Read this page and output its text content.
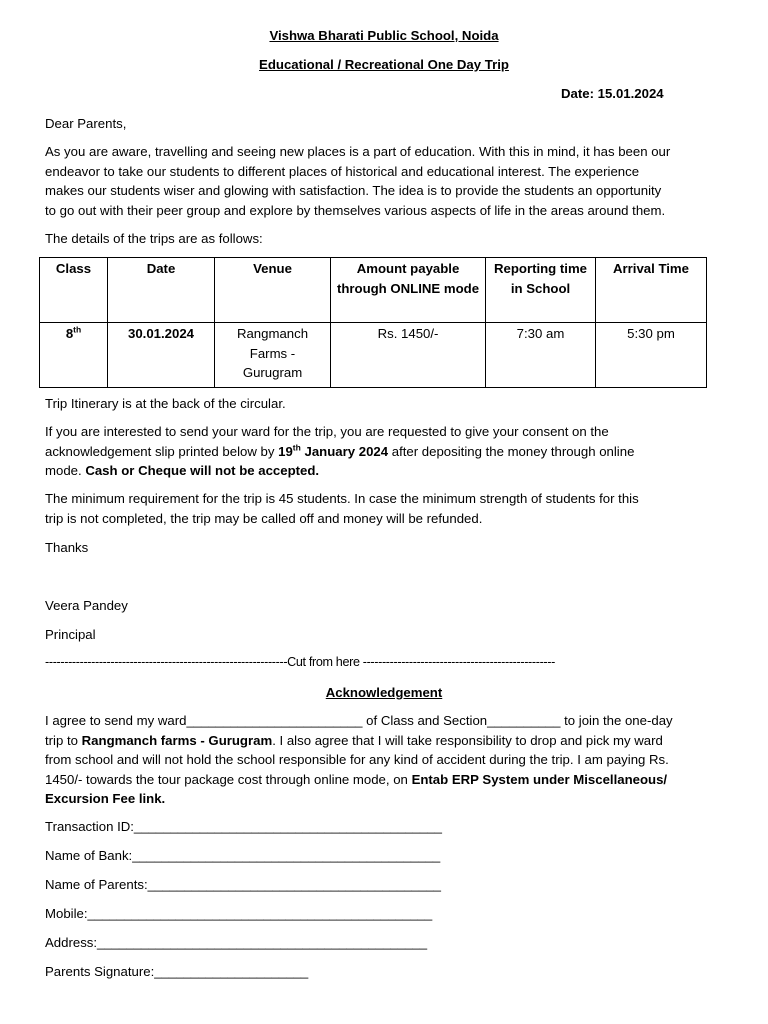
Vishwa Bharati Public School, Noida
Educational / Recreational One Day Trip
Date: 15.01.2024
Dear Parents,
As you are aware, travelling and seeing new places is a part of education. With this in mind, it has been our
endeavor to take our students to different places of historical and educational interest. The experience
makes our students wiser and glowing with satisfaction. The idea is to provide the students an opportunity
to go out with their peer group and explore by themselves various aspects of life in the areas around them.
The details of the trips are as follows:
Class	Date	Venue	Amount payable through ONLINE mode	Reporting time in School	Arrival Time
8th	30.01.2024	Rangmanch Farms - Gurugram	Rs. 1450/-	7:30 am	5:30 pm
Trip Itinerary is at the back of the circular.
If you are interested to send your ward for the trip, you are requested to give your consent on the
acknowledgement slip printed below by 19th January 2024 after depositing the money through online
mode. Cash or Cheque will not be accepted.
The minimum requirement for the trip is 45 students. In case the minimum strength of students for this
trip is not completed, the trip may be called off and money will be refunded.
Thanks
Veera Pandey
Principal
---------------------------------------------------------------Cut from here --------------------------------------------------
Acknowledgement
I agree to send my ward________________________ of Class and Section__________ to join the one-day
trip to Rangmanch farms - Gurugram. I also agree that I will take responsibility to drop and pick my ward
from school and will not hold the school responsible for any kind of accident during the trip. I am paying Rs.
1450/- towards the tour package cost through online mode, on Entab ERP System under Miscellaneous/
Excursion Fee link.
Transaction ID:__________________________________________
Name of Bank:__________________________________________
Name of Parents:________________________________________
Mobile:_______________________________________________
Address:_____________________________________________
Parents Signature:_____________________
